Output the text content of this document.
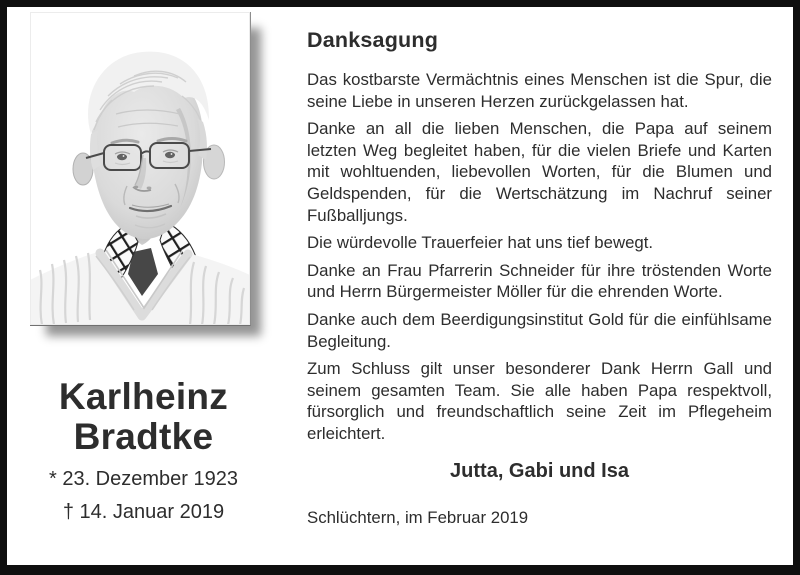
Karlheinz
Bradtke
* 23. Dezember 1923
† 14. Januar 2019
Danksagung

Das kostbarste Vermächtnis eines Menschen ist die Spur, die seine Liebe in unseren Herzen zurückgelassen hat.

Danke an all die lieben Menschen, die Papa auf seinem letzten Weg begleitet haben, für die vielen Briefe und Karten mit wohltuenden, liebevollen Worten, für die Blumen und Geldspenden, für die Wertschätzung im Nachruf seiner Fußballjungs.

Die würdevolle Trauerfeier hat uns tief bewegt.

Danke an Frau Pfarrerin Schneider für ihre tröstenden Worte und Herrn Bürgermeister Möller für die ehrenden Worte.

Danke auch dem Beerdigungsinstitut Gold für die einfühlsame Begleitung.

Zum Schluss gilt unser besonderer Dank Herrn Gall und seinem gesamten Team. Sie alle haben Papa respektvoll, fürsorglich und freundschaftlich seine Zeit im Pflegeheim erleichtert.

Jutta, Gabi und Isa
Schlüchtern, im Februar 2019
